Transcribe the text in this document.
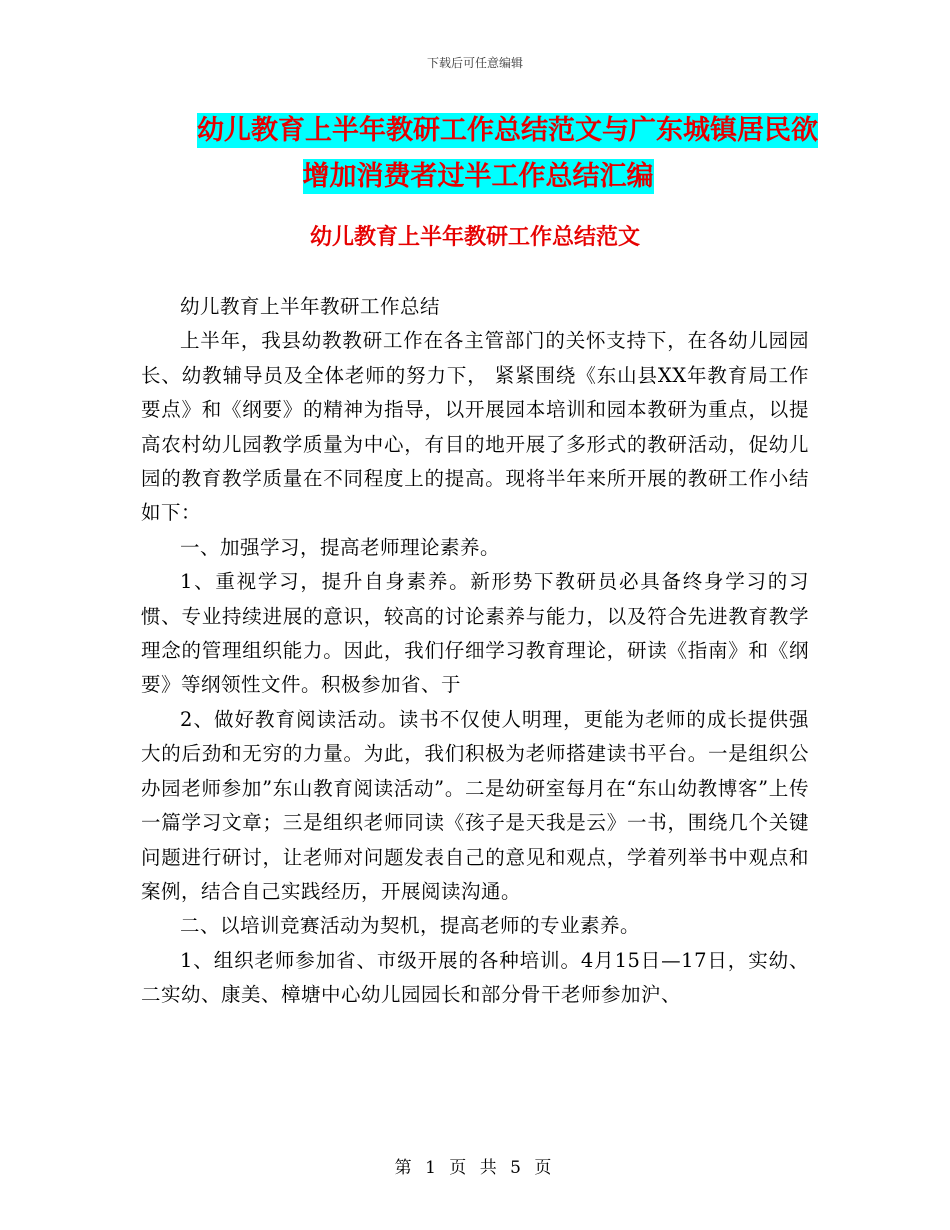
下载后可任意编辑
幼儿教育上半年教研工作总结范文与广东城镇居民欲
增加消费者过半工作总结汇编
幼儿教育上半年教研工作总结范文

幼儿教育上半年教研工作总结

上半年，我县幼教教研工作在各主管部门的关怀支持下，在各幼儿园园长、幼教辅导员及全体老师的努力下， 紧紧围绕《东山县XX年教育局工作要点》和《纲要》的精神为指导，以开展园本培训和园本教研为重点，以提高农村幼儿园教学质量为中心，有目的地开展了多形式的教研活动，促幼儿园的教育教学质量在不同程度上的提高。现将半年来所开展的教研工作小结如下：

一、加强学习，提高老师理论素养。

1、重视学习，提升自身素养。新形势下教研员必具备终身学习的习惯、专业持续进展的意识，较高的讨论素养与能力，以及符合先进教育教学理念的管理组织能力。因此，我们仔细学习教育理论，研读《指南》和《纲要》等纲领性文件。积极参加省、于

2、做好教育阅读活动。读书不仅使人明理，更能为老师的成长提供强大的后劲和无穷的力量。为此，我们积极为老师搭建读书平台。一是组织公办园老师参加”东山教育阅读活动”。二是幼研室每月在“东山幼教博客”上传一篇学习文章；三是组织老师同读《孩子是天我是云》一书，围绕几个关键问题进行研讨，让老师对问题发表自己的意见和观点，学着列举书中观点和案例，结合自己实践经历，开展阅读沟通。

二、以培训竞赛活动为契机，提高老师的专业素养。

1、组织老师参加省、市级开展的各种培训。4月15日—17日，实幼、二实幼、康美、樟塘中心幼儿园园长和部分骨干老师参加沪、

第 1 页 共 5 页
